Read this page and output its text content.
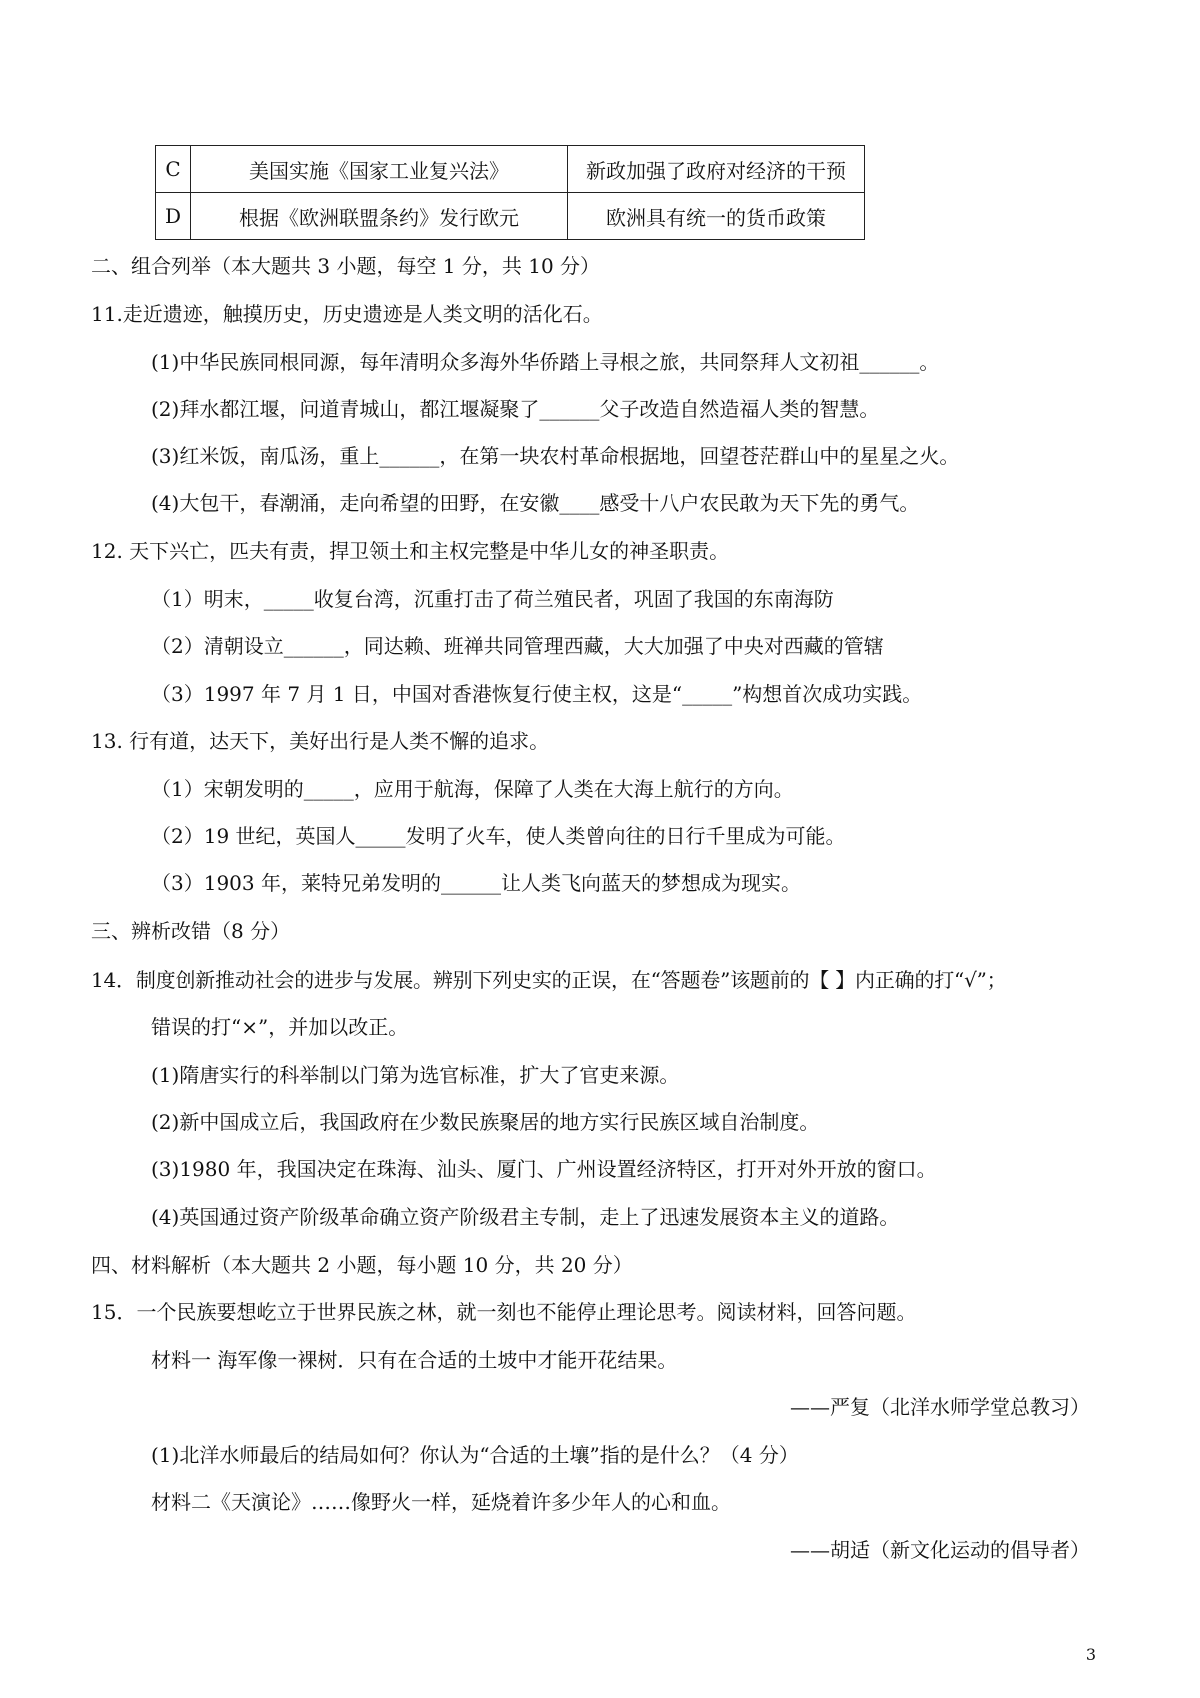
C	美国实施《国家工业复兴法》	新政加强了政府对经济的干预
D	根据《欧洲联盟条约》发行欧元	欧洲具有统一的货币政策
二、组合列举（本大题共 3 小题，每空 1 分，共 10 分）
11.走近遗迹，触摸历史，历史遗迹是人类文明的活化石。
(1)中华民族同根同源，每年清明众多海外华侨踏上寻根之旅，共同祭拜人文初祖______。
(2)拜水都江堰，问道青城山，都江堰凝聚了______父子改造自然造福人类的智慧。
(3)红米饭，南瓜汤，重上______，在第一块农村革命根据地，回望苍茫群山中的星星之火。
(4)大包干，春潮涌，走向希望的田野，在安徽____感受十八户农民敢为天下先的勇气。
12. 天下兴亡，匹夫有责，捍卫领土和主权完整是中华儿女的神圣职责。
（1）明末，_____收复台湾，沉重打击了荷兰殖民者，巩固了我国的东南海防
（2）清朝设立______，同达赖、班禅共同管理西藏，大大加强了中央对西藏的管辖
（3）1997 年 7 月 1 日，中国对香港恢复行使主权，这是“_____”构想首次成功实践。
13. 行有道，达天下，美好出行是人类不懈的追求。
（1）宋朝发明的_____，应用于航海，保障了人类在大海上航行的方向。
（2）19 世纪，英国人_____发明了火车，使人类曾向往的日行千里成为可能。
（3）1903 年，莱特兄弟发明的______让人类飞向蓝天的梦想成为现实。
三、辨析改错（8 分）
14．制度创新推动社会的进步与发展。辨别下列史实的正误，在“答题卷”该题前的【 】内正确的打“√”；
错误的打“×”，并加以改正。
(1)隋唐实行的科举制以门第为选官标准，扩大了官吏来源。
(2)新中国成立后，我国政府在少数民族聚居的地方实行民族区域自治制度。
(3)1980 年，我国决定在珠海、汕头、厦门、广州设置经济特区，打开对外开放的窗口。
(4)英国通过资产阶级革命确立资产阶级君主专制，走上了迅速发展资本主义的道路。
四、材料解析（本大题共 2 小题，每小题 10 分，共 20 分）
15．一个民族要想屹立于世界民族之林，就一刻也不能停止理论思考。阅读材料，回答问题。
材料一 海军像一裸树．只有在合适的土坡中才能开花结果。
——严复（北洋水师学堂总教习）
(1)北洋水师最后的结局如何？你认为“合适的土壤”指的是什么？（4 分）
材料二《天演论》……像野火一样，延烧着许多少年人的心和血。
——胡适（新文化运动的倡导者）
3
